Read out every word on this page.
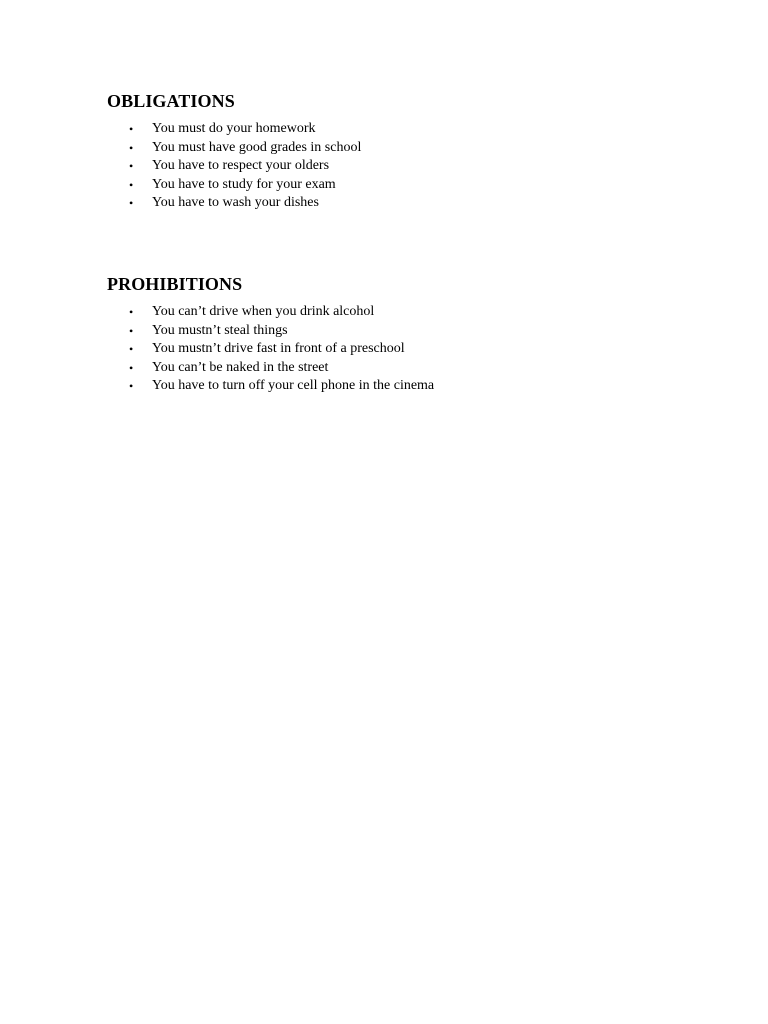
OBLIGATIONS
• You must do your homework
• You must have good grades in school
• You have to respect your olders
• You have to study for your exam
• You have to wash your dishes
PROHIBITIONS
• You can’t drive when you drink alcohol
• You mustn’t steal things
• You mustn’t drive fast in front of a preschool
• You can’t be naked in the street
• You have to turn off your cell phone in the cinema
